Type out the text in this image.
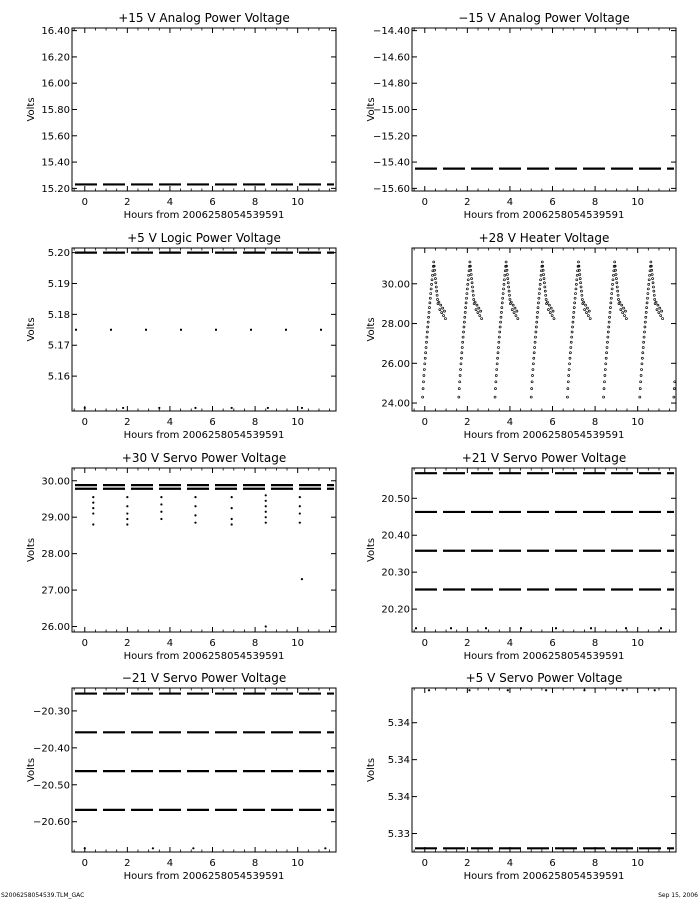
+15 V Analog Power Voltage
0	2	4	6	8	10
15.20
15.40
15.60
15.80
16.00
16.20
16.40
Hours from 2006258054539591
Volts
−15 V Analog Power Voltage
0	2	4	6	8	10
−15.60
−15.40
−15.20
−15.00
−14.80
−14.60
−14.40
Hours from 2006258054539591
Volts
+5 V Logic Power Voltage
0	2	4	6	8	10
5.16
5.17
5.18
5.19
5.20
Hours from 2006258054539591
Volts
+28 V Heater Voltage
0	2	4	6	8	10
24.00
26.00
28.00
30.00
Hours from 2006258054539591
Volts
+30 V Servo Power Voltage
0	2	4	6	8	10
26.00
27.00
28.00
29.00
30.00
Hours from 2006258054539591
Volts
+21 V Servo Power Voltage
0	2	4	6	8	10
20.20
20.30
20.40
20.50
Hours from 2006258054539591
Volts
−21 V Servo Power Voltage
0	2	4	6	8	10
−20.60
−20.50
−20.40
−20.30
Hours from 2006258054539591
Volts
+5 V Servo Power Voltage
0	2	4	6	8	10
5.33
5.34
5.34
5.34
Hours from 2006258054539591
Volts
S2006258054539.TLM_GAC	Sep 15, 2006
